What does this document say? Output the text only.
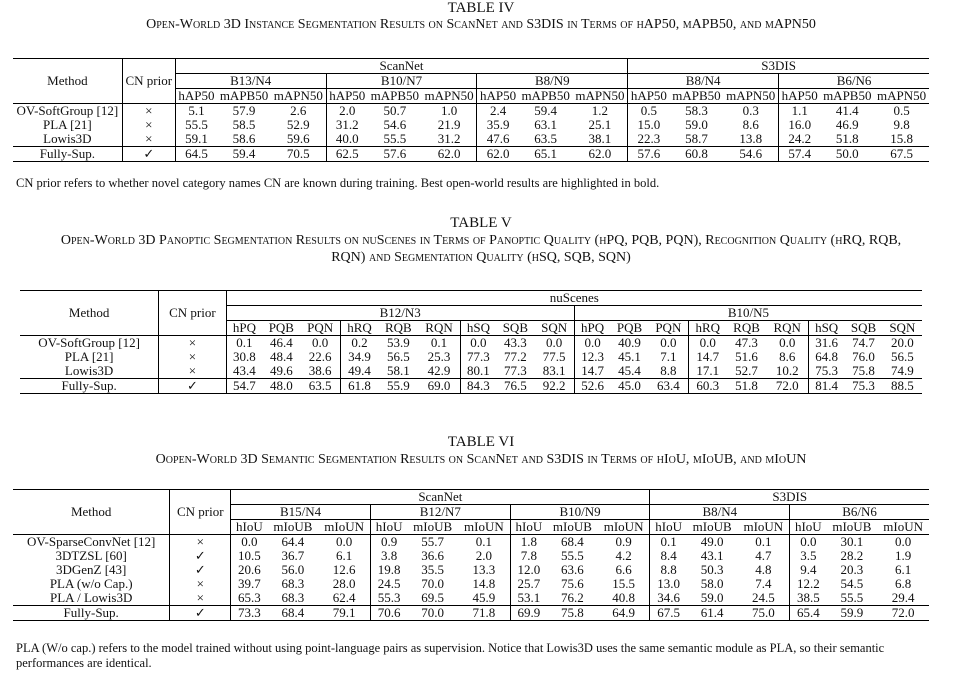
TABLE IV
Open-World 3D Instance Segmentation Results on ScanNet and S3DIS in Terms of hAP50, mAPB50, and mAPN50
Method	CN prior	ScanNet									S3DIS					
		B13/N4			B10/N7			B8/N9			B8/N4			B6/N6		
		hAP50	mAPB50	mAPN50	hAP50	mAPB50	mAPN50	hAP50	mAPB50	mAPN50	hAP50	mAPB50	mAPN50	hAP50	mAPB50	mAPN50
OV-SoftGroup [12]	×	5.1	57.9	2.6	2.0	50.7	1.0	2.4	59.4	1.2	0.5	58.3	0.3	1.1	41.4	0.5
PLA [21]	×	55.5	58.5	52.9	31.2	54.6	21.9	35.9	63.1	25.1	15.0	59.0	8.6	16.0	46.9	9.8
Lowis3D	×	59.1	58.6	59.6	40.0	55.5	31.2	47.6	63.5	38.1	22.3	58.7	13.8	24.2	51.8	15.8
Fully-Sup.	✓	64.5	59.4	70.5	62.5	57.6	62.0	62.0	65.1	62.0	57.6	60.8	54.6	57.4	50.0	67.5
CN prior refers to whether novel category names CN are known during training. Best open-world results are highlighted in bold.
TABLE V
Open-World 3D Panoptic Segmentation Results on nuScenes in Terms of Panoptic Quality (hPQ, PQB, PQN), Recognition Quality (hRQ, RQB,
RQN) and Segmentation Quality (hSQ, SQB, SQN)
Method	CN prior	nuScenes																	
		B12/N3									B10/N5								
		hPQ	PQB	PQN	hRQ	RQB	RQN	hSQ	SQB	SQN	hPQ	PQB	PQN	hRQ	RQB	RQN	hSQ	SQB	SQN
OV-SoftGroup [12]	×	0.1	46.4	0.0	0.2	53.9	0.1	0.0	43.3	0.0	0.0	40.9	0.0	0.0	47.3	0.0	31.6	74.7	20.0
PLA [21]	×	30.8	48.4	22.6	34.9	56.5	25.3	77.3	77.2	77.5	12.3	45.1	7.1	14.7	51.6	8.6	64.8	76.0	56.5
Lowis3D	×	43.4	49.6	38.6	49.4	58.1	42.9	80.1	77.3	83.1	14.7	45.4	8.8	17.1	52.7	10.2	75.3	75.8	74.9
Fully-Sup.	✓	54.7	48.0	63.5	61.8	55.9	69.0	84.3	76.5	92.2	52.6	45.0	63.4	60.3	51.8	72.0	81.4	75.3	88.5
TABLE VI
Oopen-World 3D Semantic Segmentation Results on ScanNet and S3DIS in Terms of hIoU, mIoUB, and mIoUN
Method	CN prior	ScanNet									S3DIS					
		B15/N4			B12/N7			B10/N9			B8/N4			B6/N6		
		hIoU	mIoUB	mIoUN	hIoU	mIoUB	mIoUN	hIoU	mIoUB	mIoUN	hIoU	mIoUB	mIoUN	hIoU	mIoUB	mIoUN
OV-SparseConvNet [12]	×	0.0	64.4	0.0	0.9	55.7	0.1	1.8	68.4	0.9	0.1	49.0	0.1	0.0	30.1	0.0
3DTZSL [60]	✓	10.5	36.7	6.1	3.8	36.6	2.0	7.8	55.5	4.2	8.4	43.1	4.7	3.5	28.2	1.9
3DGenZ [43]	✓	20.6	56.0	12.6	19.8	35.5	13.3	12.0	63.6	6.6	8.8	50.3	4.8	9.4	20.3	6.1
PLA (w/o Cap.)	×	39.7	68.3	28.0	24.5	70.0	14.8	25.7	75.6	15.5	13.0	58.0	7.4	12.2	54.5	6.8
PLA / Lowis3D	×	65.3	68.3	62.4	55.3	69.5	45.9	53.1	76.2	40.8	34.6	59.0	24.5	38.5	55.5	29.4
Fully-Sup.	✓	73.3	68.4	79.1	70.6	70.0	71.8	69.9	75.8	64.9	67.5	61.4	75.0	65.4	59.9	72.0
PLA (W/o cap.) refers to the model trained without using point-language pairs as supervision. Notice that Lowis3D uses the same semantic module as PLA, so their semantic
performances are identical.
